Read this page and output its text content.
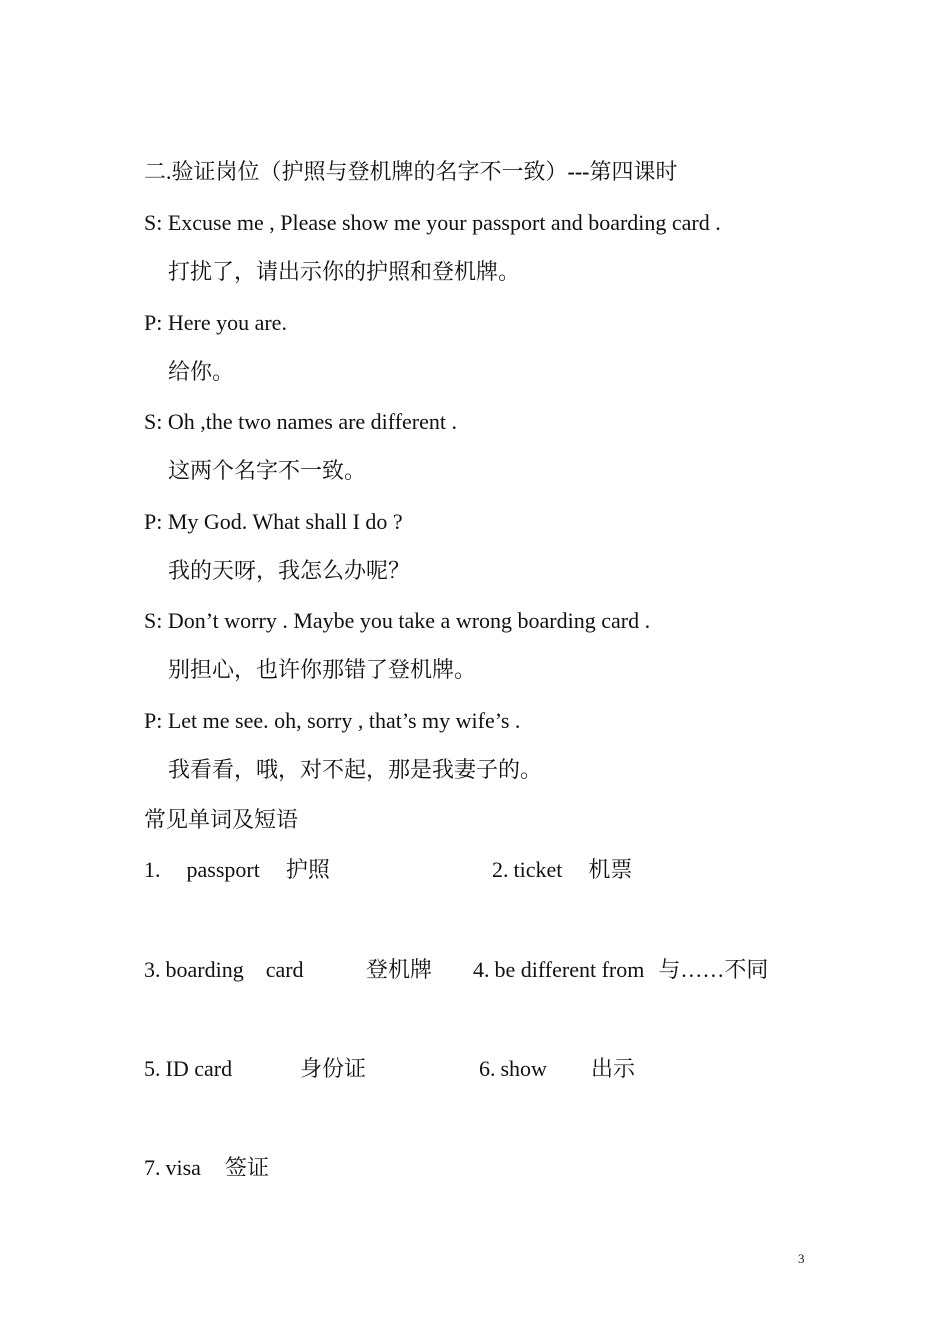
二.验证岗位（护照与登机牌的名字不一致）---第四课时
S: Excuse me , Please show me your passport and boarding card .
打扰了，请出示你的护照和登机牌。
P: Here you are.
给你。
S: Oh ,the two names are different .
这两个名字不一致。
P: My God. What shall I do ?
我的天呀，我怎么办呢？
S: Don’t worry . Maybe you take a wrong boarding card .
别担心，也许你那错了登机牌。
P: Let me see. oh, sorry , that’s my wife’s .
我看看，哦，对不起，那是我妻子的。
常见单词及短语
1. passport 护照	2. ticket 机票
3. boarding    card	登机牌 4. be different from 与……不同
5. ID card	身份证	6. show 出示
7. visa 签证
3
